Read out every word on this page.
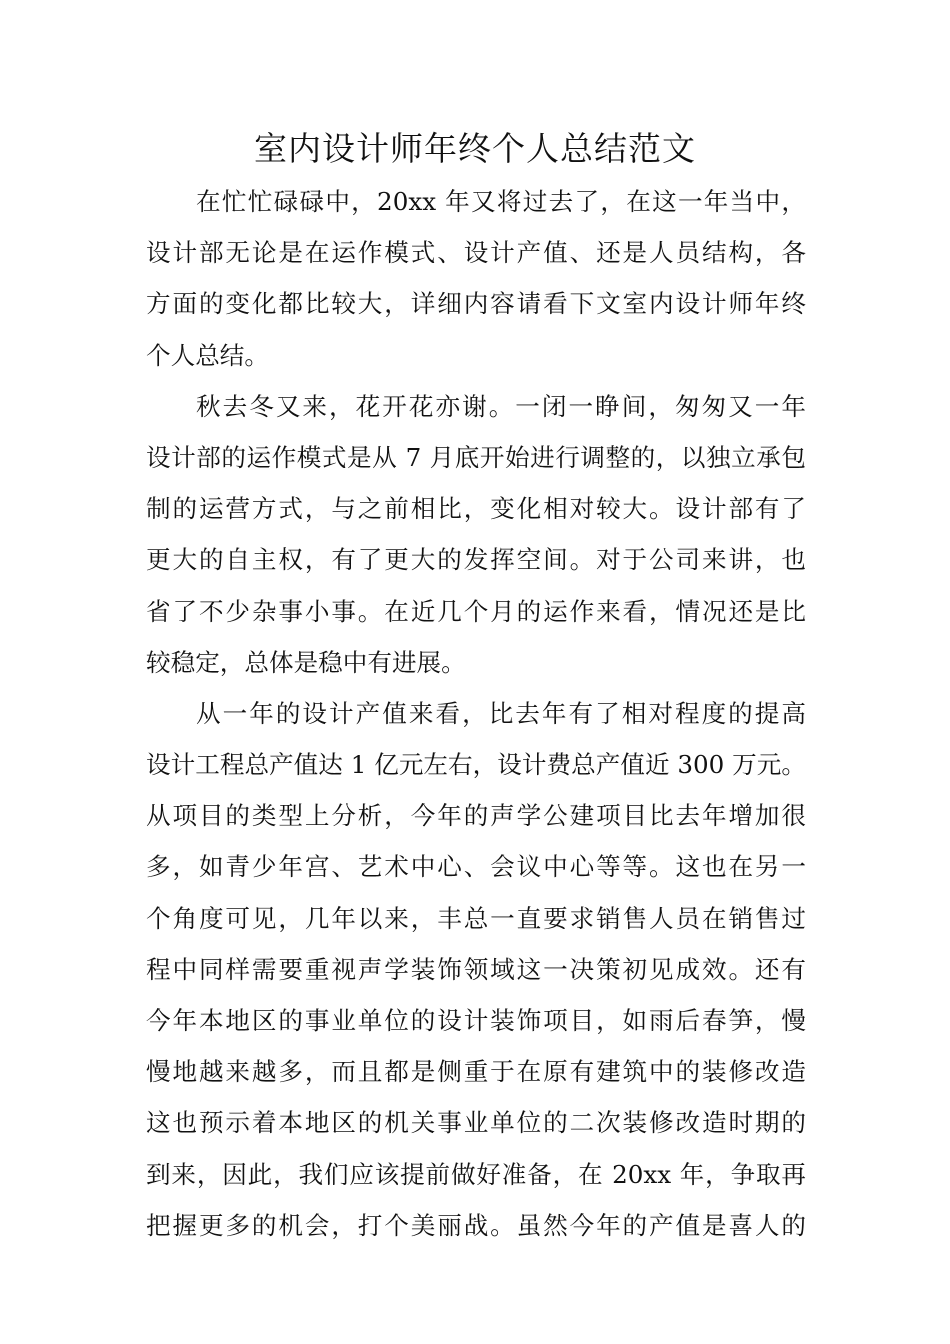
室内设计师年终个人总结范文
在忙忙碌碌中，20xx 年又将过去了，在这一年当中，
设计部无论是在运作模式、设计产值、还是人员结构，各
方面的变化都比较大，详细内容请看下文室内设计师年终
个人总结。
秋去冬又来，花开花亦谢。一闭一睁间，匆匆又一年
设计部的运作模式是从 7 月底开始进行调整的，以独立承包
制的运营方式，与之前相比，变化相对较大。设计部有了
更大的自主权，有了更大的发挥空间。对于公司来讲，也
省了不少杂事小事。在近几个月的运作来看，情况还是比
较稳定，总体是稳中有进展。
从一年的设计产值来看，比去年有了相对程度的提高
设计工程总产值达 1 亿元左右，设计费总产值近 300 万元。
从项目的类型上分析，今年的声学公建项目比去年增加很
多，如青少年宫、艺术中心、会议中心等等。这也在另一
个角度可见，几年以来，丰总一直要求销售人员在销售过
程中同样需要重视声学装饰领域这一决策初见成效。还有
今年本地区的事业单位的设计装饰项目，如雨后春笋，慢
慢地越来越多，而且都是侧重于在原有建筑中的装修改造
这也预示着本地区的机关事业单位的二次装修改造时期的
到来，因此，我们应该提前做好准备，在 20xx 年，争取再
把握更多的机会，打个美丽战。虽然今年的产值是喜人的
